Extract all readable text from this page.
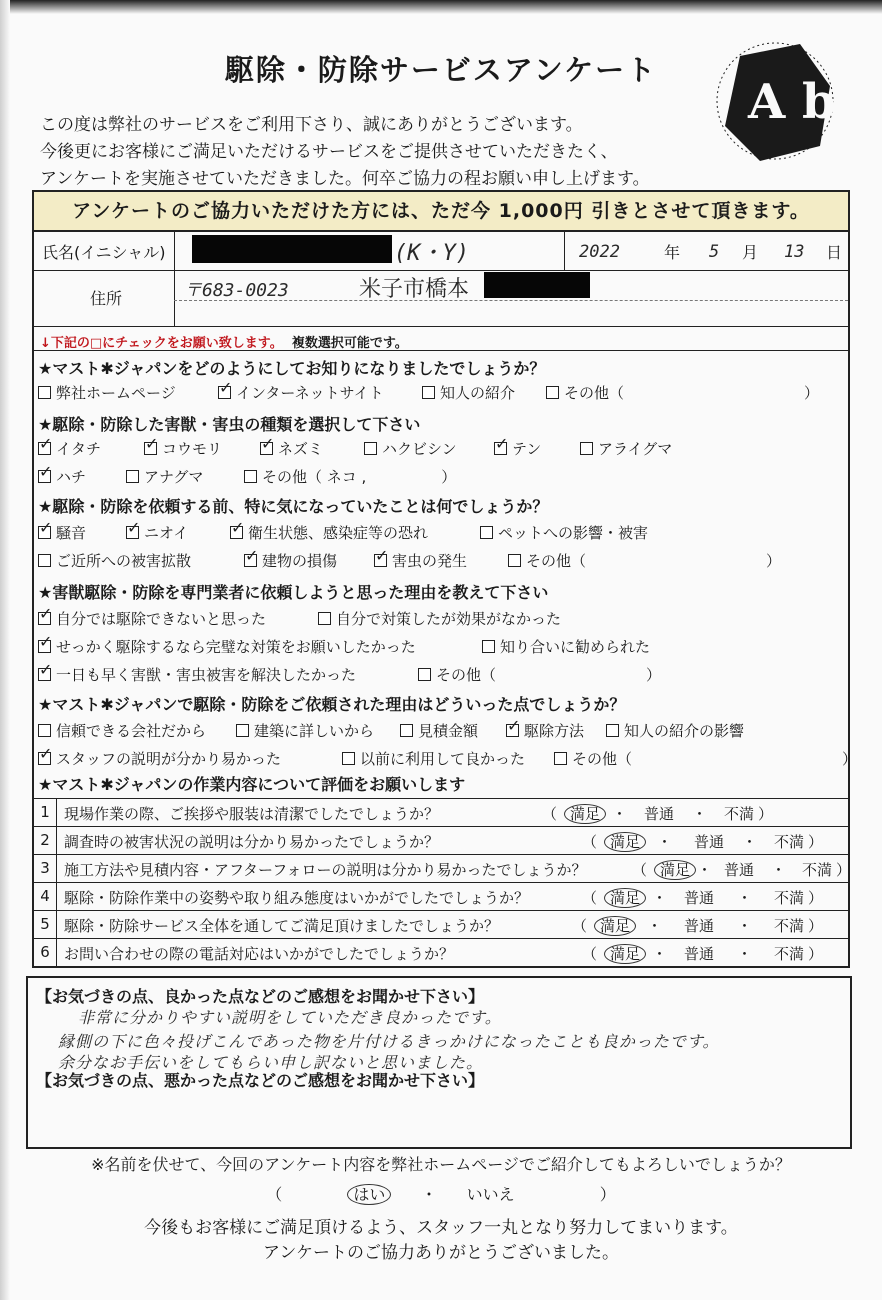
駆除・防除サービスアンケート
この度は弊社のサービスをご利用下さり、誠にありがとうございます。
今後更にお客様にご満足いただけるサービスをご提供させていただきたく、
アンケートを実施させていただきました。何卒ご協力の程お願い申し上げます。
A b
アンケートのご協力いただけた方には、ただ今 1,000円 引きとさせて頂きます。
氏名(イニシャル)	(K・Y)	2022	年 5 月 13 日
住所	〒683-0023	米子市橋本
↓下記の□にチェックをお願い致します。 複数選択可能です。
★マスト✱ジャパンをどのようにしてお知りになりましたでしょうか？
弊社ホームページ ✓	インターネットサイト	知人の紹介	その他（　　　　　　　　　　　　）
★駆除・防除した害獣・害虫の種類を選択して下さい
✓イタチ ✓	コウモリ ✓	ネズミ	ハクビシン ✓	テン	アライグマ
✓ハチ	アナグマ	その他（ ネコ ,　　　　　）
★駆除・防除を依頼する前、特に気になっていたことは何でしょうか？
✓騒音 ✓	ニオイ ✓	衛生状態、感染症等の恐れ	ペットへの影響・被害
ご近所への被害拡散 ✓	建物の損傷 ✓	害虫の発生	その他（　　　　　　　　　　　　）
★害獣駆除・防除を専門業者に依頼しようと思った理由を教えて下さい
✓自分では駆除できないと思った	自分で対策したが効果がなかった
✓せっかく駆除するなら完璧な対策をお願いしたかった	知り合いに勧められた
✓一日も早く害獣・害虫被害を解決したかった	その他（　　　　　　　　　　）
★マスト✱ジャパンで駆除・防除をご依頼された理由はどういった点でしょうか？
信頼できる会社だから	建築に詳しいから	見積金額 ✓	駆除方法	知人の紹介の影響
✓スタッフの説明が分かり易かった	以前に利用して良かった	その他（　　　　　　　　　　　　　　）
★マスト✱ジャパンの作業内容について評価をお願いします
1 現場作業の際、ご挨拶や服装は清潔でしたでしょうか？	（ 満足 ・ 普通 ・ 不満 ）
2 調査時の被害状況の説明は分かり易かったでしょうか？	（ 満足	・ 普通 ・ 不満 ）
3 施工方法や見積内容・アフターフォローの説明は分かり易かったでしょうか？	（ 満足 ・ 普通 ・ 不満 ）
4 駆除・防除作業中の姿勢や取り組み態度はいかがでしたでしょうか？	（ 満足 ・ 普通 ・ 不満 ）
5 駆除・防除サービス全体を通してご満足頂けましたでしょうか？	（ 満足	・ 普通 ・ 不満 ）
6 お問い合わせの際の電話対応はいかがでしたでしょうか？	（ 満足 ・ 普通 ・ 不満 ）
【お気づきの点、良かった点などのご感想をお聞かせ下さい】
非常に分かりやすい説明をしていただき良かったです。
縁側の下に色々投げこんであった物を片付けるきっかけになったことも良かったです。
余分なお手伝いをしてもらい申し訳ないと思いました。
【お気づきの点、悪かった点などのご感想をお聞かせ下さい】
※名前を伏せて、今回のアンケート内容を弊社ホームページでご紹介してもよろしいでしょうか？
（	はい ・ いいえ	）
今後もお客様にご満足頂けるよう、スタッフ一丸となり努力してまいります。
アンケートのご協力ありがとうございました。
